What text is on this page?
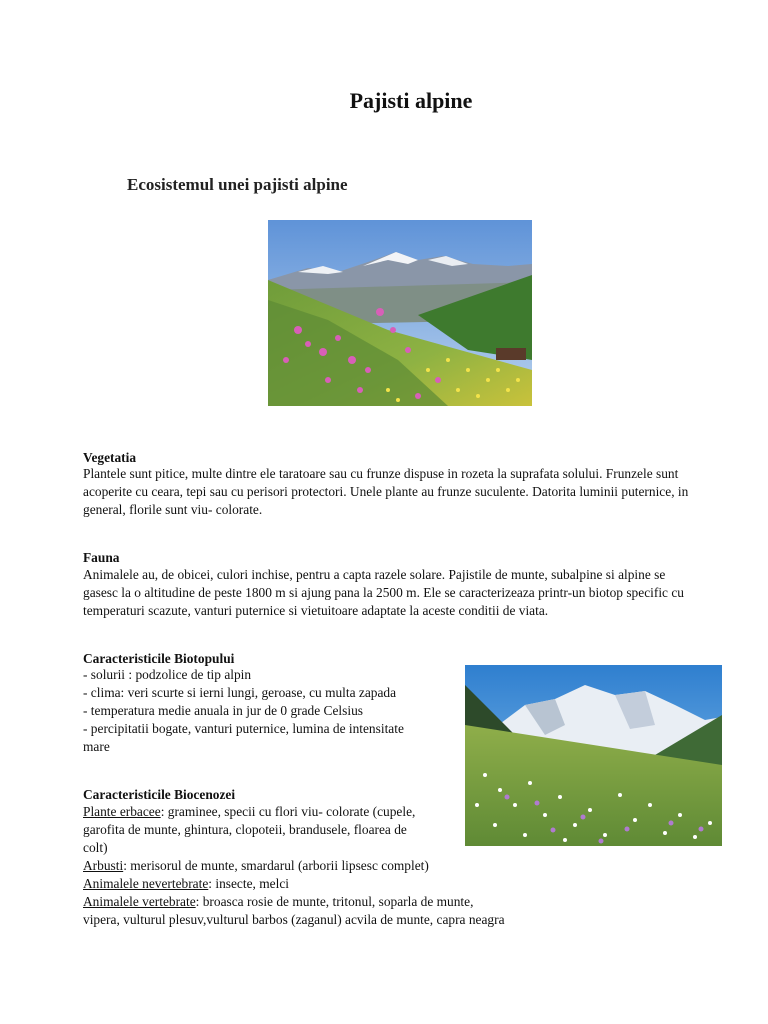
Pajisti alpine
Ecosistemul unei pajisti alpine
Vegetatia
Plantele sunt pitice, multe dintre ele taratoare sau cu frunze dispuse in rozeta la suprafata solului. Frunzele sunt
acoperite cu ceara, tepi sau cu perisori protectori. Unele plante au frunze suculente. Datorita luminii puternice, in
general, florile sunt viu- colorate.
Fauna
Animalele au, de obicei, culori inchise, pentru a capta razele solare. Pajistile de munte, subalpine si alpine se
gasesc la o altitudine de peste 1800 m si ajung pana la 2500 m. Ele se caracterizeaza printr-un biotop specific cu
temperaturi scazute, vanturi puternice si vietuitoare adaptate la aceste conditii de viata.
Caracteristicile Biotopului
- solurii : podzolice de tip alpin
- clima: veri scurte si ierni lungi, geroase, cu multa zapada
- temperatura medie anuala in jur de 0 grade Celsius
- percipitatii bogate, vanturi puternice, lumina de intensitate
mare
Caracteristicile Biocenozei
Plante erbacee: graminee, specii cu flori viu- colorate (cupele,
garofita de munte, ghintura, clopoteii, brandusele, floarea de
colt)
Arbusti: merisorul de munte, smardarul (arborii lipsesc complet)
Animalele nevertebrate: insecte, melci
Animalele vertebrate: broasca rosie de munte, tritonul, soparla de munte,
vipera, vulturul plesuv,vulturul barbos (zaganul) acvila de munte, capra neagra
